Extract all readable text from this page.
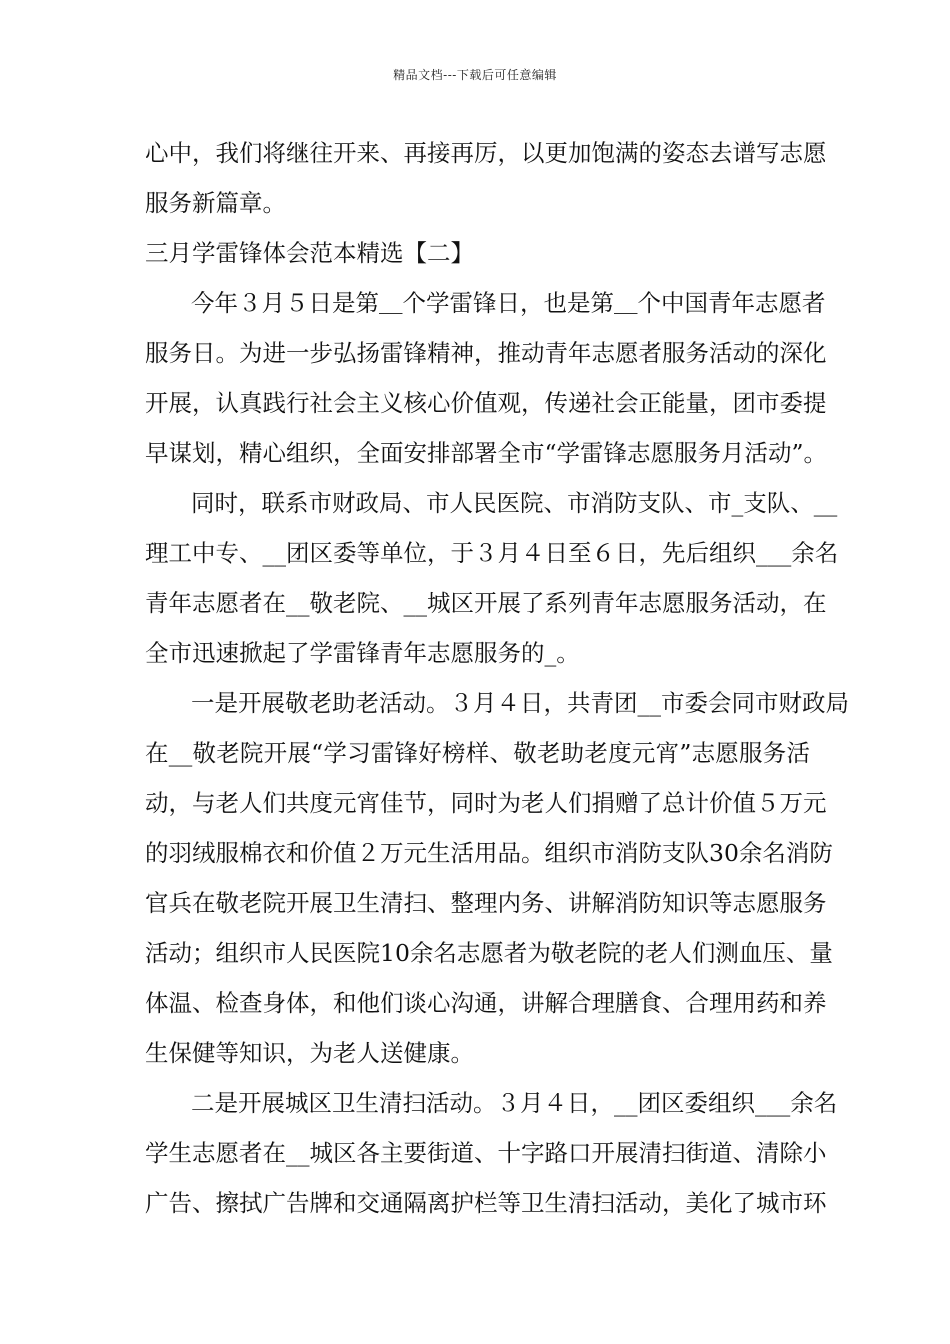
精品文档---下载后可任意编辑
心中，我们将继往开来、再接再厉，以更加饱满的姿态去谱写志愿
服务新篇章。
三月学雷锋体会范本精选【二】
今年３月５日是第＿个学雷锋日，也是第＿个中国青年志愿者
服务日。为进一步弘扬雷锋精神，推动青年志愿者服务活动的深化
开展，认真践行社会主义核心价值观，传递社会正能量，团市委提
早谋划，精心组织，全面安排部署全市“学雷锋志愿服务月活动”。
同时，联系市财政局、市人民医院、市消防支队、市_支队、__
理工中专、__团区委等单位，于３月４日至６日，先后组织___余名
青年志愿者在__敬老院、__城区开展了系列青年志愿服务活动，在
全市迅速掀起了学雷锋青年志愿服务的_。
一是开展敬老助老活动。３月４日，共青团__市委会同市财政局
在__敬老院开展“学习雷锋好榜样、敬老助老度元宵”志愿服务活
动，与老人们共度元宵佳节，同时为老人们捐赠了总计价值５万元
的羽绒服棉衣和价值２万元生活用品。组织市消防支队30余名消防
官兵在敬老院开展卫生清扫、整理内务、讲解消防知识等志愿服务
活动；组织市人民医院10余名志愿者为敬老院的老人们测血压、量
体温、检查身体，和他们谈心沟通，讲解合理膳食、合理用药和养
生保健等知识，为老人送健康。
二是开展城区卫生清扫活动。３月４日，__团区委组织___余名
学生志愿者在__城区各主要街道、十字路口开展清扫街道、清除小
广告、擦拭广告牌和交通隔离护栏等卫生清扫活动，美化了城市环
